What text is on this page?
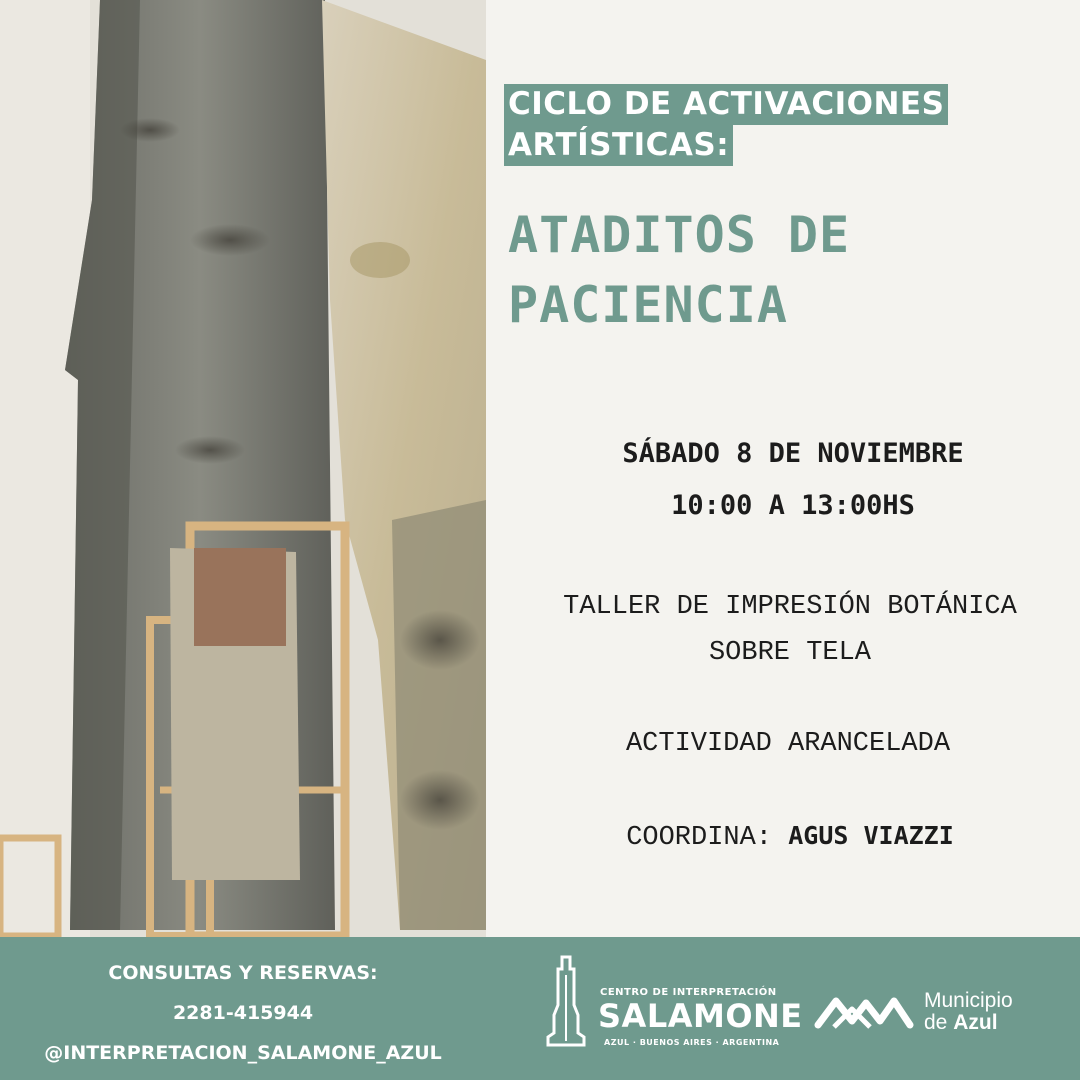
CICLO DE ACTIVACIONES
ARTÍSTICAS:
ATADITOS DE
PACIENCIA
SÁBADO 8 DE NOVIEMBRE
10:00 A 13:00HS
TALLER DE IMPRESIÓN BOTÁNICA
SOBRE TELA
ACTIVIDAD ARANCELADA
COORDINA: AGUS VIAZZI
CONSULTAS Y RESERVAS:
2281-415944
@INTERPRETACION_SALAMONE_AZUL
CENTRO DE INTERPRETACIÓN
SALAMONE
AZUL · BUENOS AIRES · ARGENTINA
Municipio
de Azul
